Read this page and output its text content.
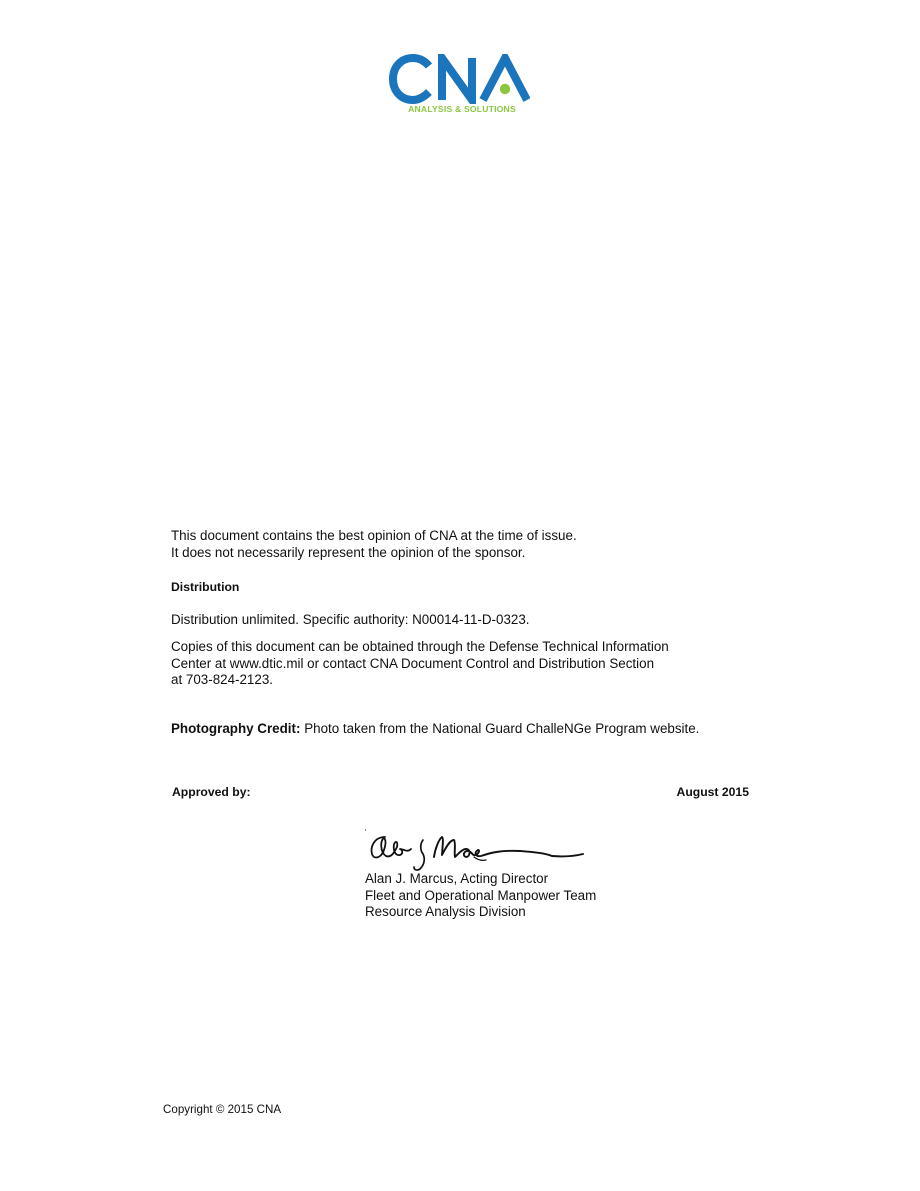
ANALYSIS & SOLUTIONS
This document contains the best opinion of CNA at the time of issue.
It does not necessarily represent the opinion of the sponsor.
Distribution
Distribution unlimited. Specific authority: N00014-11-D-0323.
Copies of this document can be obtained through the Defense Technical Information
Center at www.dtic.mil or contact CNA Document Control and Distribution Section
at 703-824-2123.
Photography Credit: Photo taken from the National Guard ChalleNGe Program website.
Approved by:	August 2015
Alan J. Marcus, Acting Director
Fleet and Operational Manpower Team
Resource Analysis Division
Copyright © 2015 CNA
